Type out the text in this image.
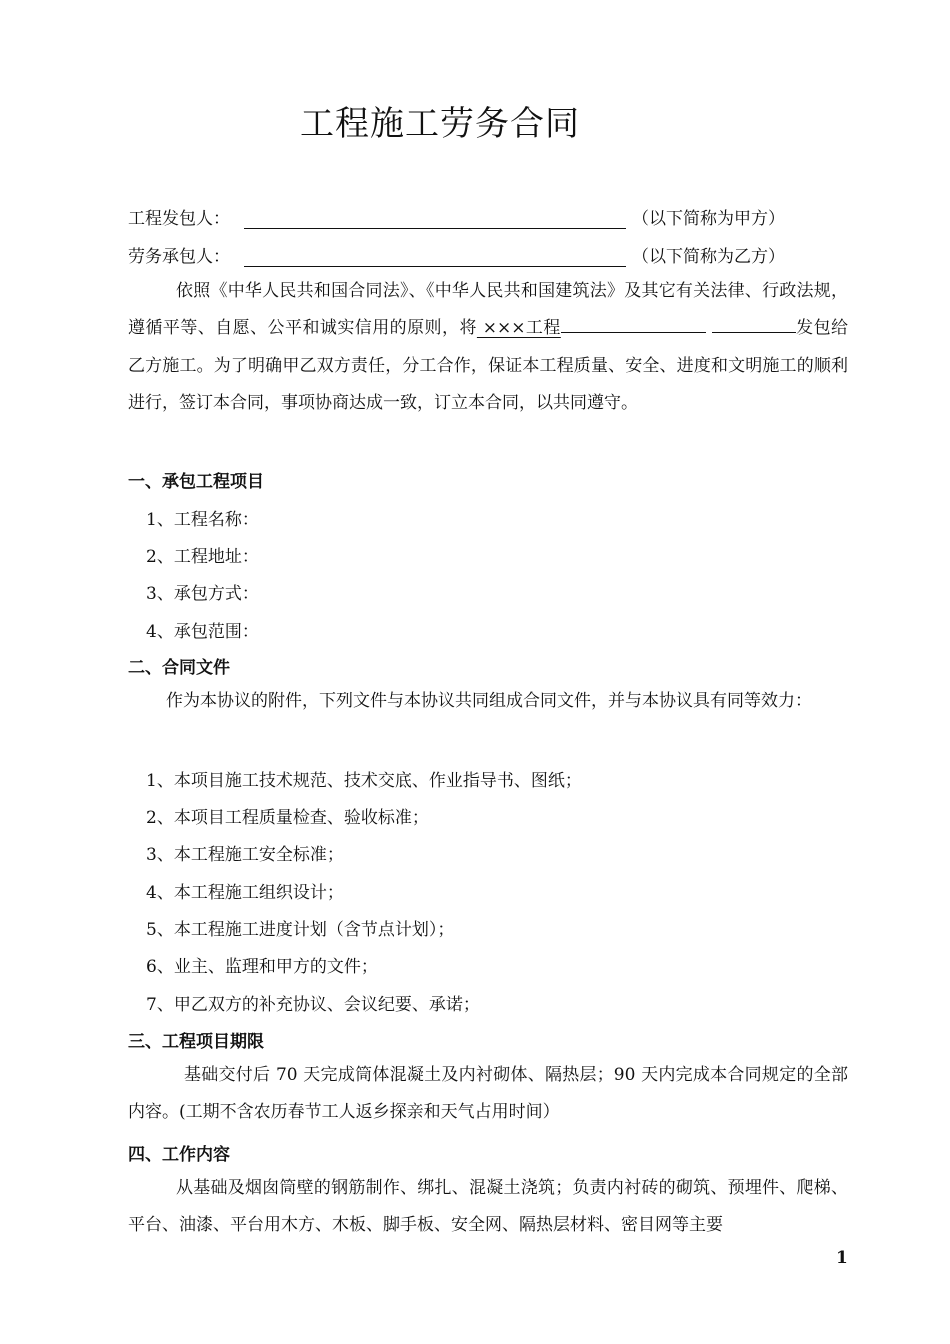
工程施工劳务合同
工程发包人：	（以下简称为甲方）
劳务承包人：	（以下简称为乙方）
依照《中华人民共和国合同法》、《中华人民共和国建筑法》及其它有关法律、行政法规，遵循平等、自愿、公平和诚实信用的原则，将 ×××工程	发包给乙方施工。为了明确甲乙双方责任，分工合作，保证本工程质量、安全、进度和文明施工的顺利进行，签订本合同，事项协商达成一致，订立本合同，以共同遵守。
一、承包工程项目
1、工程名称：
2、工程地址：
3、承包方式：
4、承包范围：
二、合同文件
作为本协议的附件，下列文件与本协议共同组成合同文件，并与本协议具有同等效力：
1、本项目施工技术规范、技术交底、作业指导书、图纸；
2、本项目工程质量检查、验收标准；
3、本工程施工安全标准；
4、本工程施工组织设计；
5、本工程施工进度计划（含节点计划）；
6、业主、监理和甲方的文件；
7、甲乙双方的补充协议、会议纪要、承诺；
三、工程项目期限
基础交付后 70 天完成筒体混凝土及内衬砌体、隔热层；90 天内完成本合同规定的全部内容。(工期不含农历春节工人返乡探亲和天气占用时间）
四、工作内容
从基础及烟囱筒壁的钢筋制作、绑扎、混凝土浇筑；负责内衬砖的砌筑、预埋件、爬梯、平台、油漆、平台用木方、木板、脚手板、安全网、隔热层材料、密目网等主要
1
